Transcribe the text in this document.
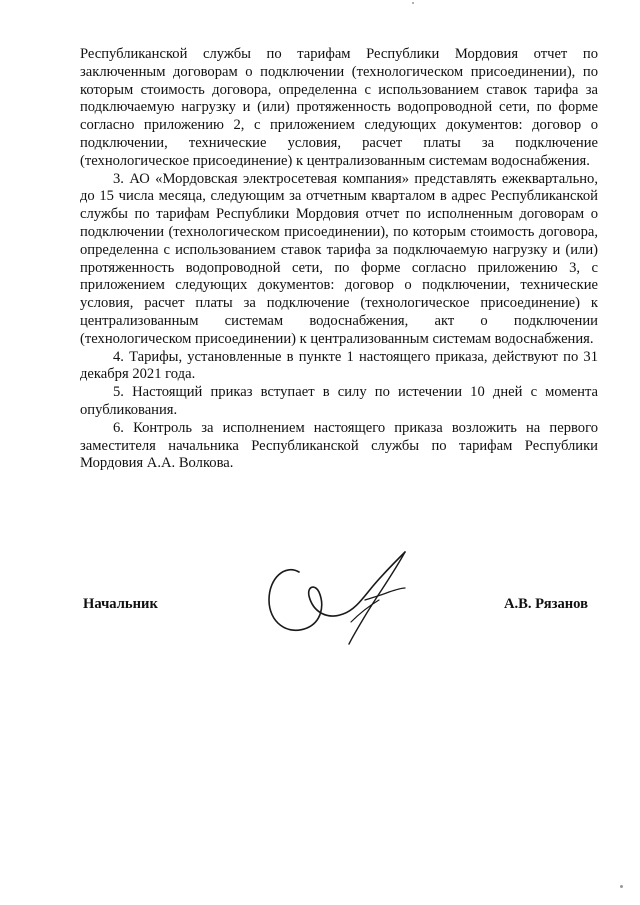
Республиканской службы по тарифам Республики Мордовия отчет по заключенным договорам о подключении (технологическом присоединении), по которым стоимость договора, определенна с использованием ставок тарифа за подключаемую нагрузку и (или) протяженность водопроводной сети, по форме согласно приложению 2, с приложением следующих документов: договор о подключении, технические условия, расчет платы за подключение (технологическое присоединение) к централизованным системам водоснабжения.

3. АО «Мордовская электросетевая компания» представлять ежеквартально, до 15 числа месяца, следующим за отчетным кварталом в адрес Республиканской службы по тарифам Республики Мордовия отчет по исполненным договорам о подключении (технологическом присоединении), по которым стоимость договора, определенна с использованием ставок тарифа за подключаемую нагрузку и (или) протяженность водопроводной сети, по форме согласно приложению 3, с приложением следующих документов: договор о подключении, технические условия, расчет платы за подключение (технологическое присоединение) к централизованным системам водоснабжения, акт о подключении (технологическом присоединении) к централизованным системам водоснабжения.

4. Тарифы, установленные в пункте 1 настоящего приказа, действуют по 31 декабря 2021 года.

5. Настоящий приказ вступает в силу по истечении 10 дней с момента опубликования.

6. Контроль за исполнением настоящего приказа возложить на первого заместителя начальника Республиканской службы по тарифам Республики Мордовия А.А. Волкова.

Начальник	А.В. Рязанов
